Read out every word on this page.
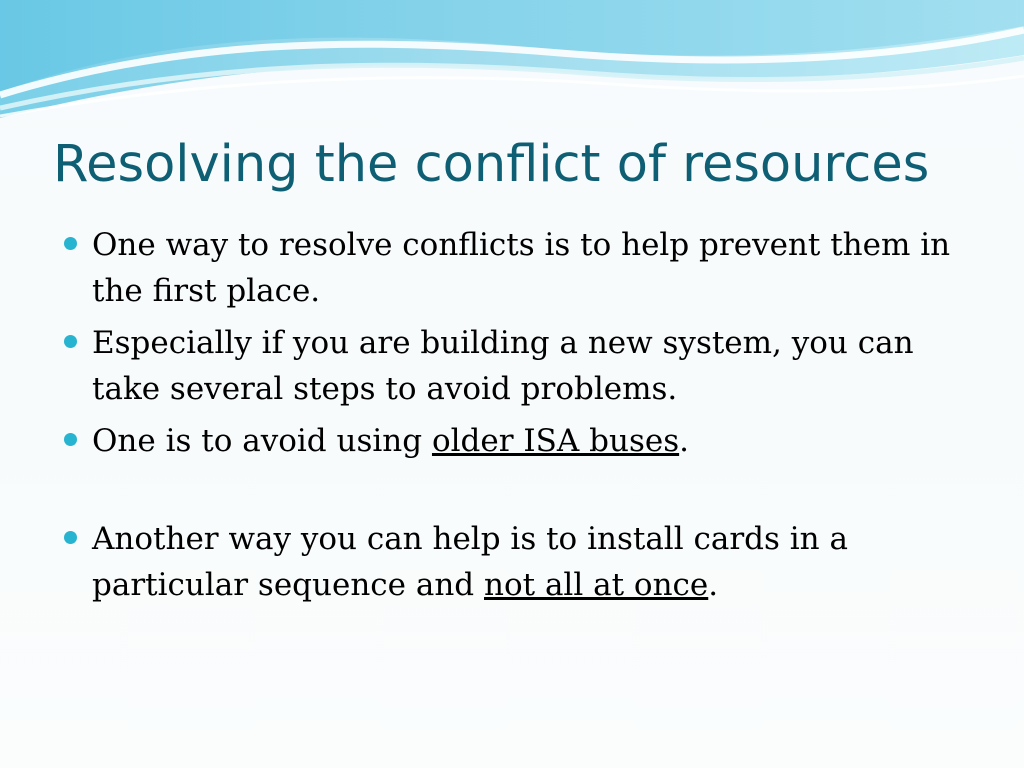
Resolving the conflict of resources
One way to resolve conflicts is to help prevent them in the first place.
Especially if you are building a new system, you can take several steps to avoid problems.
One is to avoid using older ISA buses.
Another way you can help is to install cards in a particular sequence and not all at once.
